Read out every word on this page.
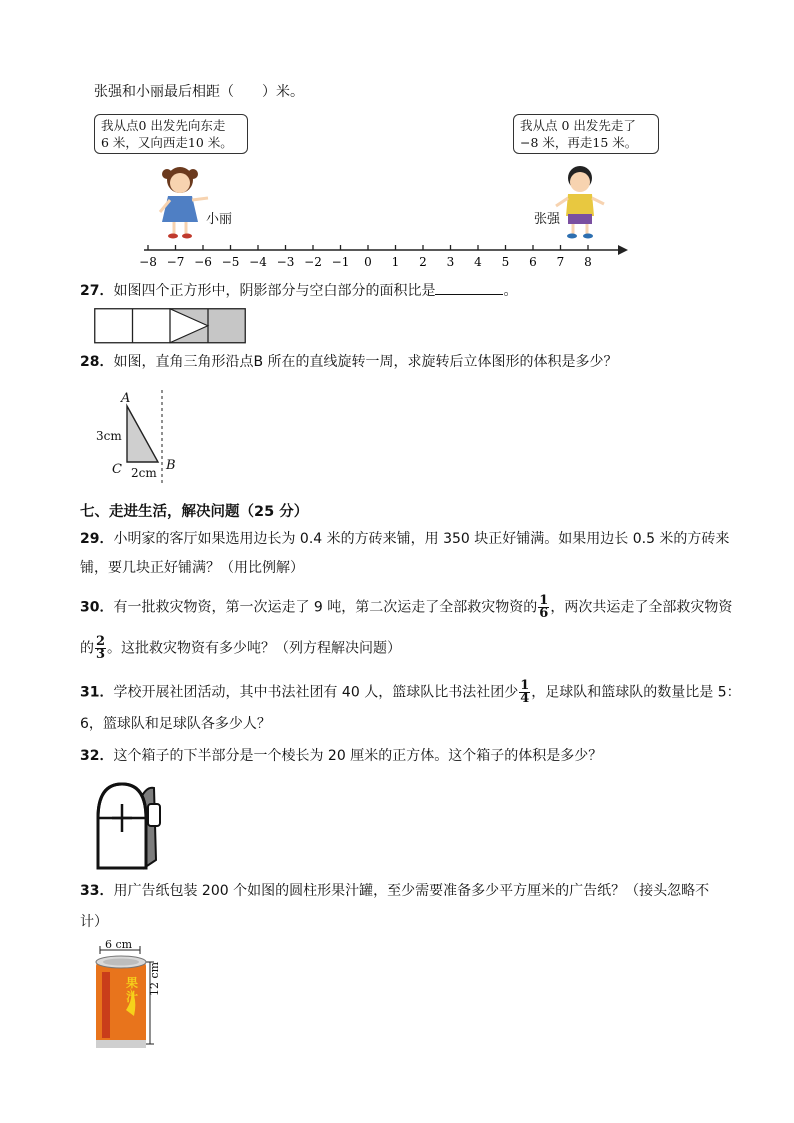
张强和小丽最后相距（　　）米。
我从点0 出发先向东走
6 米，又向西走10 米。
我从点 0 出发先走了
−8 米，再走15 米。
小丽	张强
−8 −7 −6 −5 −4 −3 −2 −1 0 1 2 3 4 5 6 7 8
27．如图四个正方形中，阴影部分与空白部分的面积比是	。
28．如图，直角三角形沿点B 所在的直线旋转一周，求旋转后立体图形的体积是多少？
A
3cm
C 2cm B
七、走进生活，解决问题（25 分）
29．小明家的客厅如果选用边长为 0.4 米的方砖来铺，用 350 块正好铺满。如果用边长 0.5 米的方砖来
铺，要几块正好铺满？（用比例解）
30．有一批救灾物资，第一次运走了 9 吨，第二次运走了全部救灾物资的 $\frac{1}{6}$ ，两次共运走了全部救灾物资
的 $\frac{2}{3}$ 。这批救灾物资有多少吨？（列方程解决问题）
31．学校开展社团活动，其中书法社团有 40 人，篮球队比书法社团少 $\frac{1}{4}$ ，足球队和篮球队的数量比是 5：
6，篮球队和足球队各多少人？
32．这个箱子的下半部分是一个棱长为 20 厘米的正方体。这个箱子的体积是多少？
33．用广告纸包装 200 个如图的圆柱形果汁罐，至少需要准备多少平方厘米的广告纸？（接头忽略不
计）
6 cm
12 cm
果汁
